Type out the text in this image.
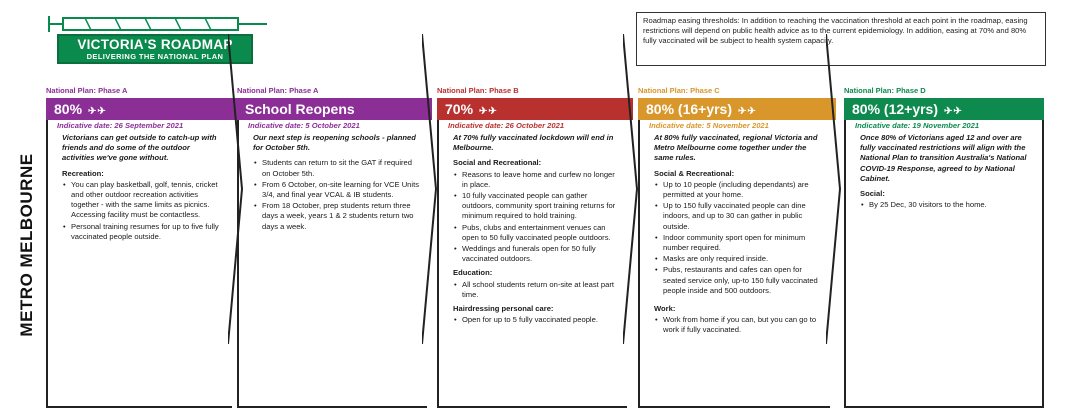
VICTORIA'S ROADMAP
DELIVERING THE NATIONAL PLAN
Roadmap easing thresholds: In addition to reaching the vaccination threshold at each point in the roadmap, easing restrictions will depend on public health advice as to the current epidemiology. In addition, easing at 70% and 80% fully vaccinated will be subject to health system capacity.
METRO MELBOURNE
National Plan: Phase A
80% ✈✈
Indicative date: 26 September 2021
Victorians can get outside to catch-up with friends and do some of the outdoor activities we've gone without.
Recreation:
• You can play basketball, golf, tennis, cricket and other outdoor recreation activities together - with the same limits as picnics. Accessing facility must be contactless.
• Personal training resumes for up to five fully vaccinated people outside.
National Plan: Phase A
School Reopens
Indicative date: 5 October 2021
Our next step is reopening schools - planned for October 5th.
• Students can return to sit the GAT if required on October 5th.
• From 6 October, on-site learning for VCE Units 3/4, and final year VCAL & IB students.
• From 18 October, prep students return three days a week, years 1 & 2 students return two days a week.
National Plan: Phase B
70% ✈✈
Indicative date: 26 October 2021
At 70% fully vaccinated lockdown will end in Melbourne.
Social and Recreational:
• Reasons to leave home and curfew no longer in place.
• 10 fully vaccinated people can gather outdoors, community sport training returns for minimum required to hold training.
• Pubs, clubs and entertainment venues can open to 50 fully vaccinated people outdoors.
• Weddings and funerals open for 50 fully vaccinated outdoors.
Education:
• All school students return on-site at least part time.
Hairdressing personal care:
• Open for up to 5 fully vaccinated people.
National Plan: Phase C
80% (16+yrs) ✈✈
Indicative date: 5 November 2021
At 80% fully vaccinated, regional Victoria and Metro Melbourne come together under the same rules.
Social & Recreational:
• Up to 10 people (including dependants) are permitted at your home.
• Up to 150 fully vaccinated people can dine indoors, and up to 30 can gather in public outside.
• Indoor community sport open for minimum number required.
• Masks are only required inside.
• Pubs, restaurants and cafes can open for seated service only, up-to 150 fully vaccinated people inside and 500 outdoors.
Work:
• Work from home if you can, but you can go to work if fully vaccinated.
National Plan: Phase D
80% (12+yrs) ✈✈
Indicative date: 19 November 2021
Once 80% of Victorians aged 12 and over are fully vaccinated restrictions will align with the National Plan to transition Australia's National COVID-19 Response, agreed to by National Cabinet.
Social:
• By 25 Dec, 30 visitors to the home.
